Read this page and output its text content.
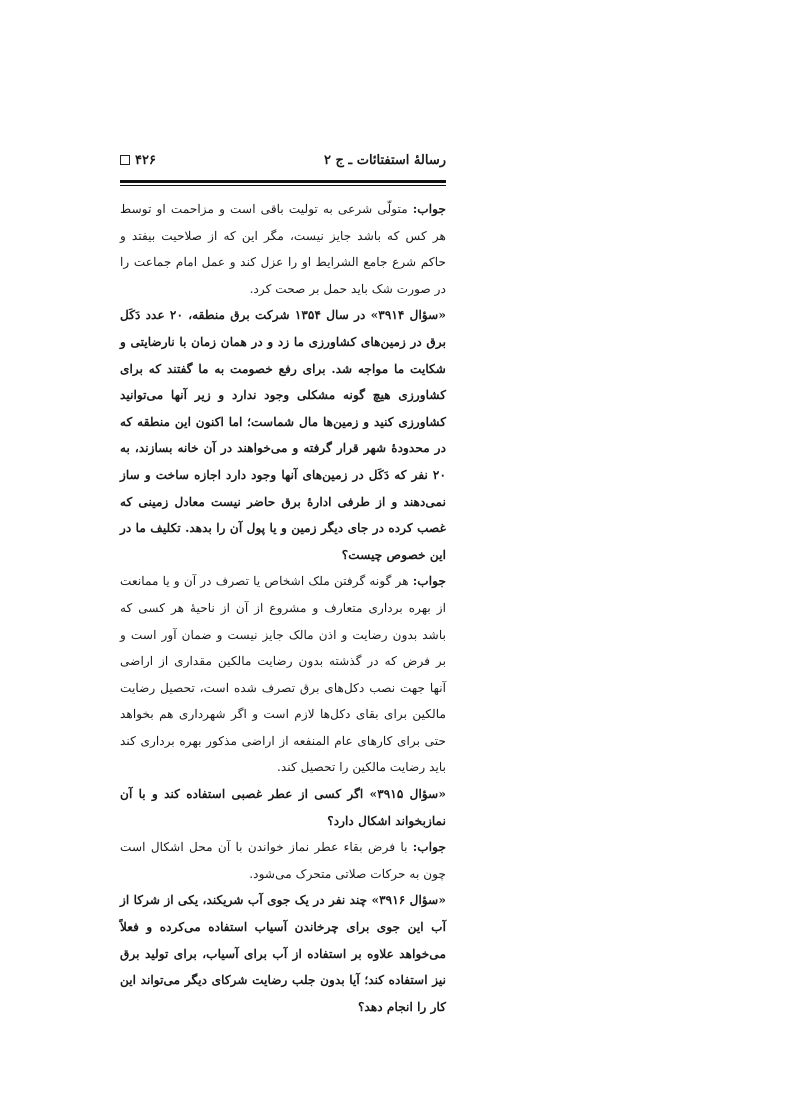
رسالهٔ استفتائات ـ ج ۲
۴۲۶

جواب: متولّی شرعی به تولیت باقی است و مزاحمت او توسط هر کس که باشد جایز نیست، مگر این که از صلاحیت بیفتد و حاکم شرع جامع الشرایط او را عزل کند و عمل امام جماعت را در صورت شک باید حمل بر صحت کرد.

«سؤال ۳۹۱۴» در سال ۱۳۵۴ شرکت برق منطقه، ۲۰ عدد دَکَل برق در زمین‌های کشاورزی ما زد و در همان زمان با نارضایتی و شکایت ما مواجه شد. برای رفع خصومت به ما گفتند که برای کشاورزی هیچ گونه مشکلی وجود ندارد و زیر آنها می‌توانید کشاورزی کنید و زمین‌ها مال شماست؛ اما اکنون این منطقه که در محدودهٔ شهر قرار گرفته و می‌خواهند در آن خانه بسازند، به ۲۰ نفر که دَکَل در زمین‌های آنها وجود دارد اجازه ساخت و ساز نمی‌دهند و از طرفی ادارهٔ برق حاضر نیست معادل زمینی که غصب کرده در جای دیگر زمین و یا پول آن را بدهد. تکلیف ما در این خصوص چیست؟

جواب: هر گونه گرفتن ملک اشخاص یا تصرف در آن و یا ممانعت از بهره برداری متعارف و مشروع از آن از ناحیهٔ هر کسی که باشد بدون رضایت و اذن مالک جایز نیست و ضمان آور است و بر فرض که در گذشته بدون رضایت مالکین مقداری از اراضی آنها جهت نصب دکل‌های برق تصرف شده است، تحصیل رضایت مالکین برای بقای دکل‌ها لازم است و اگر شهرداری هم بخواهد حتی برای کارهای عام المنفعه از اراضی مذکور بهره برداری کند باید رضایت مالکین را تحصیل کند.

«سؤال ۳۹۱۵» اگر کسی از عطر غصبی استفاده کند و با آن نمازبخواند اشکال دارد؟

جواب: با فرض بقاء عطر نماز خواندن با آن محل اشکال است چون به حرکات صلاتی متحرک می‌شود.

«سؤال ۳۹۱۶» چند نفر در یک جوی آب شریکند، یکی از شرکا از آب این جوی برای چرخاندن آسیاب استفاده می‌کرده و فعلاً می‌خواهد علاوه بر استفاده از آب برای آسیاب، برای تولید برق نیز استفاده کند؛ آیا بدون جلب رضایت شرکای دیگر می‌تواند این کار را انجام دهد؟
